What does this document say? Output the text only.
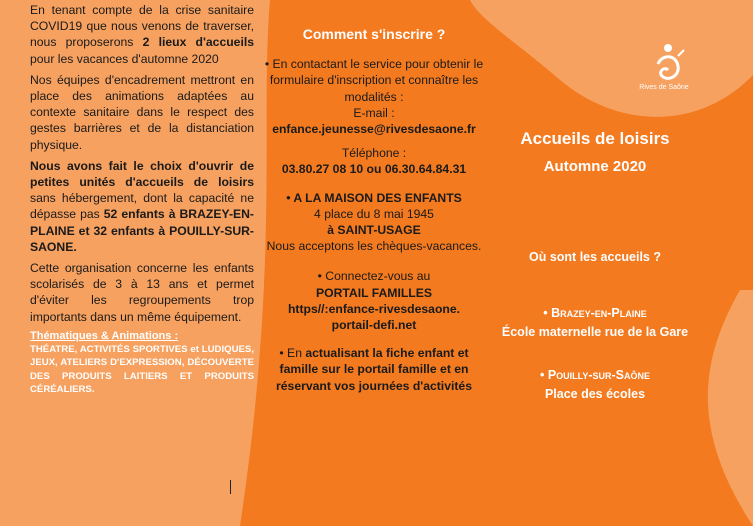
En tenant compte de la crise sanitaire COVID19 que nous venons de traverser, nous proposerons 2 lieux d'accueils pour les vacances d'automne 2020

Nos équipes d'encadrement mettront en place des animations adaptées au contexte sanitaire dans le respect des gestes barrières et de la distanciation physique.

Nous avons fait le choix d'ouvrir de petites unités d'accueils de loisirs sans hébergement, dont la capacité ne dépasse pas 52 enfants à BRAZEY-EN- PLAINE et 32 enfants à POUILLY-SUR-SAONE.

Cette organisation concerne les enfants scolarisés de 3 à 13 ans et permet d'éviter les regroupements trop importants dans un même équipement.

Thématiques & Animations :
THÉATRE, ACTIVITÉS SPORTIVES et LUDIQUES, JEUX, ATELIERS D'EXPRESSION, DÉCOUVERTE DES PRODUITS LAITIERS ET PRODUITS CÉRÉALIERS.
Comment s'inscrire ?
• En contactant le service pour obtenir le formulaire d'inscription et connaître les modalités :
E-mail :
enfance.jeunesse@rivesdesaone.fr
Téléphone :
03.80.27 08 10 ou 06.30.64.84.31
• A LA MAISON DES ENFANTS
4 place du 8 mai 1945
à SAINT-USAGE
Nous acceptons les chèques-vacances.
• Connectez-vous au
PORTAIL FAMILLES
https//:enfance-rivesdesaone.
portail-defi.net
• En actualisant la fiche enfant et famille sur le portail famille et en réservant vos journées d'activités
Rives de Saône
Accueils de loisirs
Automne 2020
Où sont les accueils ?
• Brazey-en-Plaine
École maternelle rue de la Gare
• Pouilly-sur-Saône
Place des écoles
